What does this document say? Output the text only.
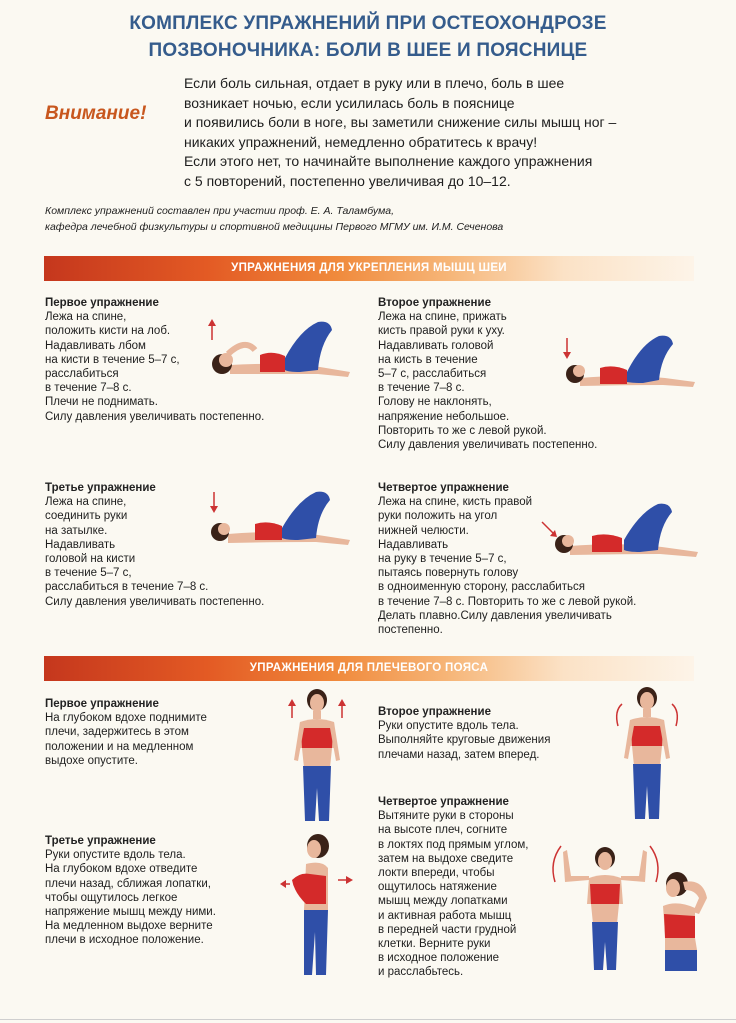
КОМПЛЕКС УПРАЖНЕНИЙ ПРИ ОСТЕОХОНДРОЗЕ
ПОЗВОНОЧНИКА: БОЛИ В ШЕЕ И ПОЯСНИЦЕ
Внимание!
Если боль сильная, отдает в руку или в плечо, боль в шее
возникает ночью, если усилилась боль в пояснице
и появились боли в ноге, вы заметили снижение силы мышц ног –
никаких упражнений, немедленно обратитесь к врачу!
Если этого нет, то начинайте выполнение каждого упражнения
с 5 повторений, постепенно увеличивая до 10–12.
Комплекс упражнений составлен при участии проф. Е. А. Таламбума,
кафедра лечебной физкультуры и спортивной медицины Первого МГМУ им. И.М. Сеченова
УПРАЖНЕНИЯ ДЛЯ УКРЕПЛЕНИЯ МЫШЦ ШЕИ
Первое упражнение
Лежа на спине,
положить кисти на лоб.
Надавливать лбом
на кисти в течение 5–7 с,
расслабиться
в течение 7–8 с.
Плечи не поднимать.
Силу давления увеличивать постепенно.
Второе упражнение
Лежа на спине, прижать
кисть правой руки к уху.
Надавливать головой
на кисть в течение
5–7 с, расслабиться
в течение 7–8 с.
Голову не наклонять,
напряжение небольшое.
Повторить то же с левой рукой.
Силу давления увеличивать постепенно.
Третье упражнение
Лежа на спине,
соединить руки
на затылке.
Надавливать
головой на кисти
в течение 5–7 с,
расслабиться в течение 7–8 с.
Силу давления увеличивать постепенно.
Четвертое упражнение
Лежа на спине, кисть правой
руки положить на угол
нижней челюсти.
Надавливать
на руку в течение 5–7 с,
пытаясь повернуть голову
в одноименную сторону, расслабиться
в течение 7–8 с. Повторить то же с левой рукой.
Делать плавно.Силу давления увеличивать
постепенно.
УПРАЖНЕНИЯ ДЛЯ ПЛЕЧЕВОГО ПОЯСА
Первое упражнение
На глубоком вдохе поднимите
плечи, задержитесь в этом
положении и на медленном
выдохе опустите.
Второе упражнение
Руки опустите вдоль тела.
Выполняйте круговые движения
плечами назад, затем вперед.
Третье упражнение
Руки опустите вдоль тела.
На глубоком вдохе отведите
плечи назад, сближая лопатки,
чтобы ощутилось легкое
напряжение мышц между ними.
На медленном выдохе верните
плечи в исходное положение.
Четвертое упражнение
Вытяните руки в стороны
на высоте плеч, согните
в локтях под прямым углом,
затем на выдохе сведите
локти впереди, чтобы
ощутилось натяжение
мышц между лопатками
и активная работа мышц
в передней части грудной
клетки. Верните руки
в исходное положение
и расслабьтесь.
